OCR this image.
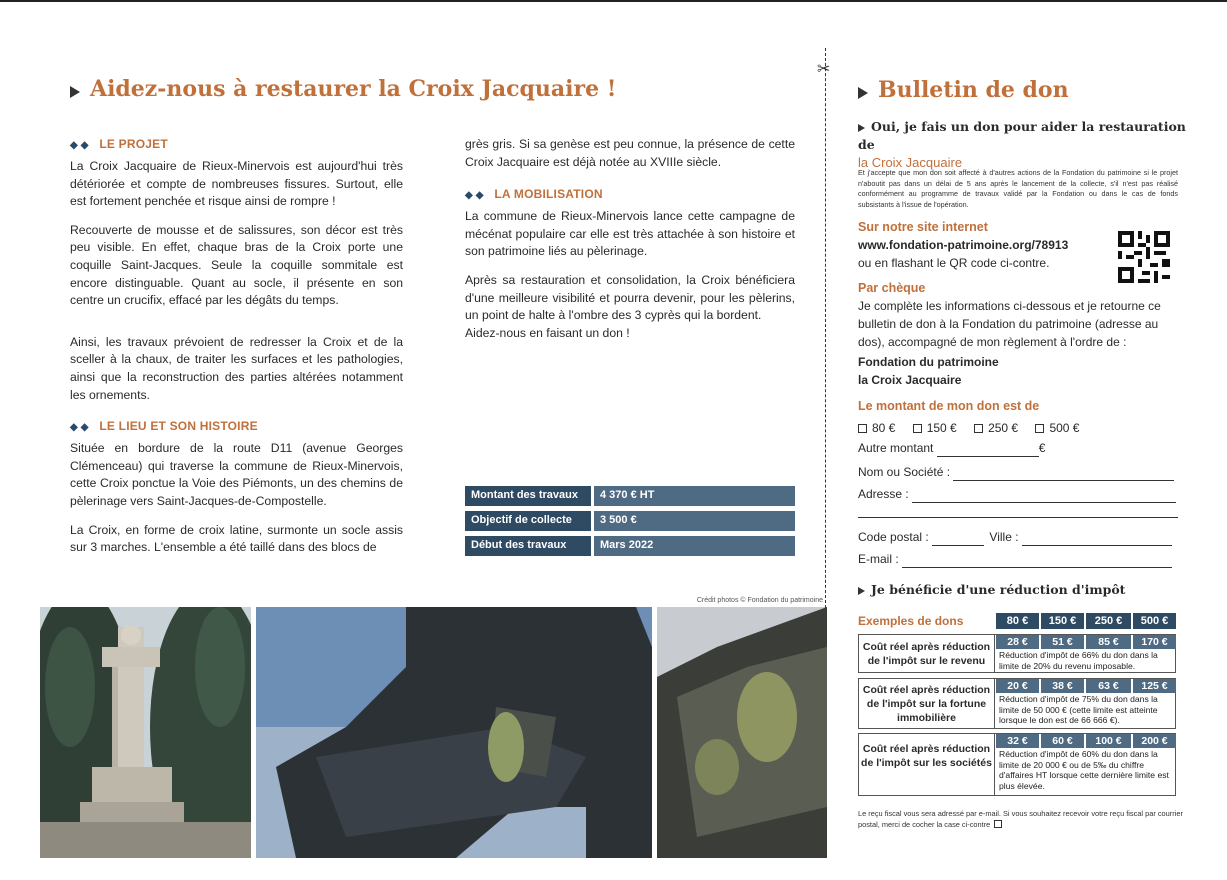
Aidez-nous à restaurer la Croix Jacquaire !
◆◆ LE PROJET

La Croix Jacquaire de Rieux-Minervois est aujourd'hui très détériorée et compte de nombreuses fissures. Surtout, elle est fortement penchée et risque ainsi de rompre !

Recouverte de mousse et de salissures, son décor est très peu visible. En effet, chaque bras de la Croix porte une coquille Saint-Jacques. Seule la coquille sommitale est encore distinguable. Quant au socle, il présente en son centre un crucifix, effacé par les dégâts du temps.

Ainsi, les travaux prévoient de redresser la Croix et de la sceller à la chaux, de traiter les surfaces et les pathologies, ainsi que la reconstruction des parties altérées notamment les ornements.

◆◆ LE LIEU ET SON HISTOIRE

Située en bordure de la route D11 (avenue Georges Clémenceau) qui traverse la commune de Rieux-Minervois, cette Croix ponctue la Voie des Piémonts, un des chemins de pèlerinage vers Saint-Jacques-de-Compostelle.

La Croix, en forme de croix latine, surmonte un socle assis sur 3 marches. L'ensemble a été taillé dans des blocs de

grès gris. Si sa genèse est peu connue, la présence de cette Croix Jacquaire est déjà notée au XVIIIe siècle.

◆◆ LA MOBILISATION

La commune de Rieux-Minervois lance cette campagne de mécénat populaire car elle est très attachée à son histoire et son patrimoine liés au pèlerinage.

Après sa restauration et consolidation, la Croix bénéficiera d'une meilleure visibilité et pourra devenir, pour les pèlerins, un point de halte à l'ombre des 3 cyprès qui la bordent.

Aidez-nous en faisant un don !

Montant des travaux	4 370 € HT
Objectif de collecte	3 500 €
Début des travaux	Mars 2022
Crédit photos © Fondation du patrimoine
✂
Bulletin de don
Oui, je fais un don pour aider la restauration de
la Croix Jacquaire

Et j'accepte que mon don soit affecté à d'autres actions de la Fondation du patrimoine si le projet n'aboutit pas dans un délai de 5 ans après le lancement de la collecte, s'il n'est pas réalisé conformément au programme de travaux validé par la Fondation ou dans le cas de fonds subsistants à l'issue de l'opération.

Sur notre site internet
www.fondation-patrimoine.org/78913
ou en flashant le QR code ci-contre.
Par chèque

Je complète les informations ci-dessous et je retourne ce bulletin de don à la Fondation du patrimoine (adresse au dos), accompagné de mon règlement à l'ordre de :

Fondation du patrimoine
la Croix Jacquaire
Le montant de mon don est de
80 €	150 €	250 €	500 €
Autre montant	€
Nom ou Société :
Adresse :
Code postal :	Ville :
E-mail :
Je bénéficie d'une réduction d'impôt
Exemples de dons	80 €	150 €	250 €	500 €
Coût réel après réduction de l'impôt sur le revenu
28 €	51 €	85 €	170 €
Réduction d'impôt de 66% du don dans la limite de 20% du revenu imposable.
Coût réel après réduction de l'impôt sur la fortune immobilière
20 €	38 €	63 €	125 €
Réduction d'impôt de 75% du don dans la limite de 50 000 € (cette limite est atteinte lorsque le don est de 66 666 €).
Coût réel après réduction de l'impôt sur les sociétés
32 €	60 €	100 €	200 €
Réduction d'impôt de 60% du don dans la limite de 20 000 € ou de 5‰ du chiffre d'affaires HT lorsque cette dernière limite est plus élevée.
Le reçu fiscal vous sera adressé par e-mail. Si vous souhaitez recevoir votre reçu fiscal par courrier postal, merci de cocher la case ci-contre
